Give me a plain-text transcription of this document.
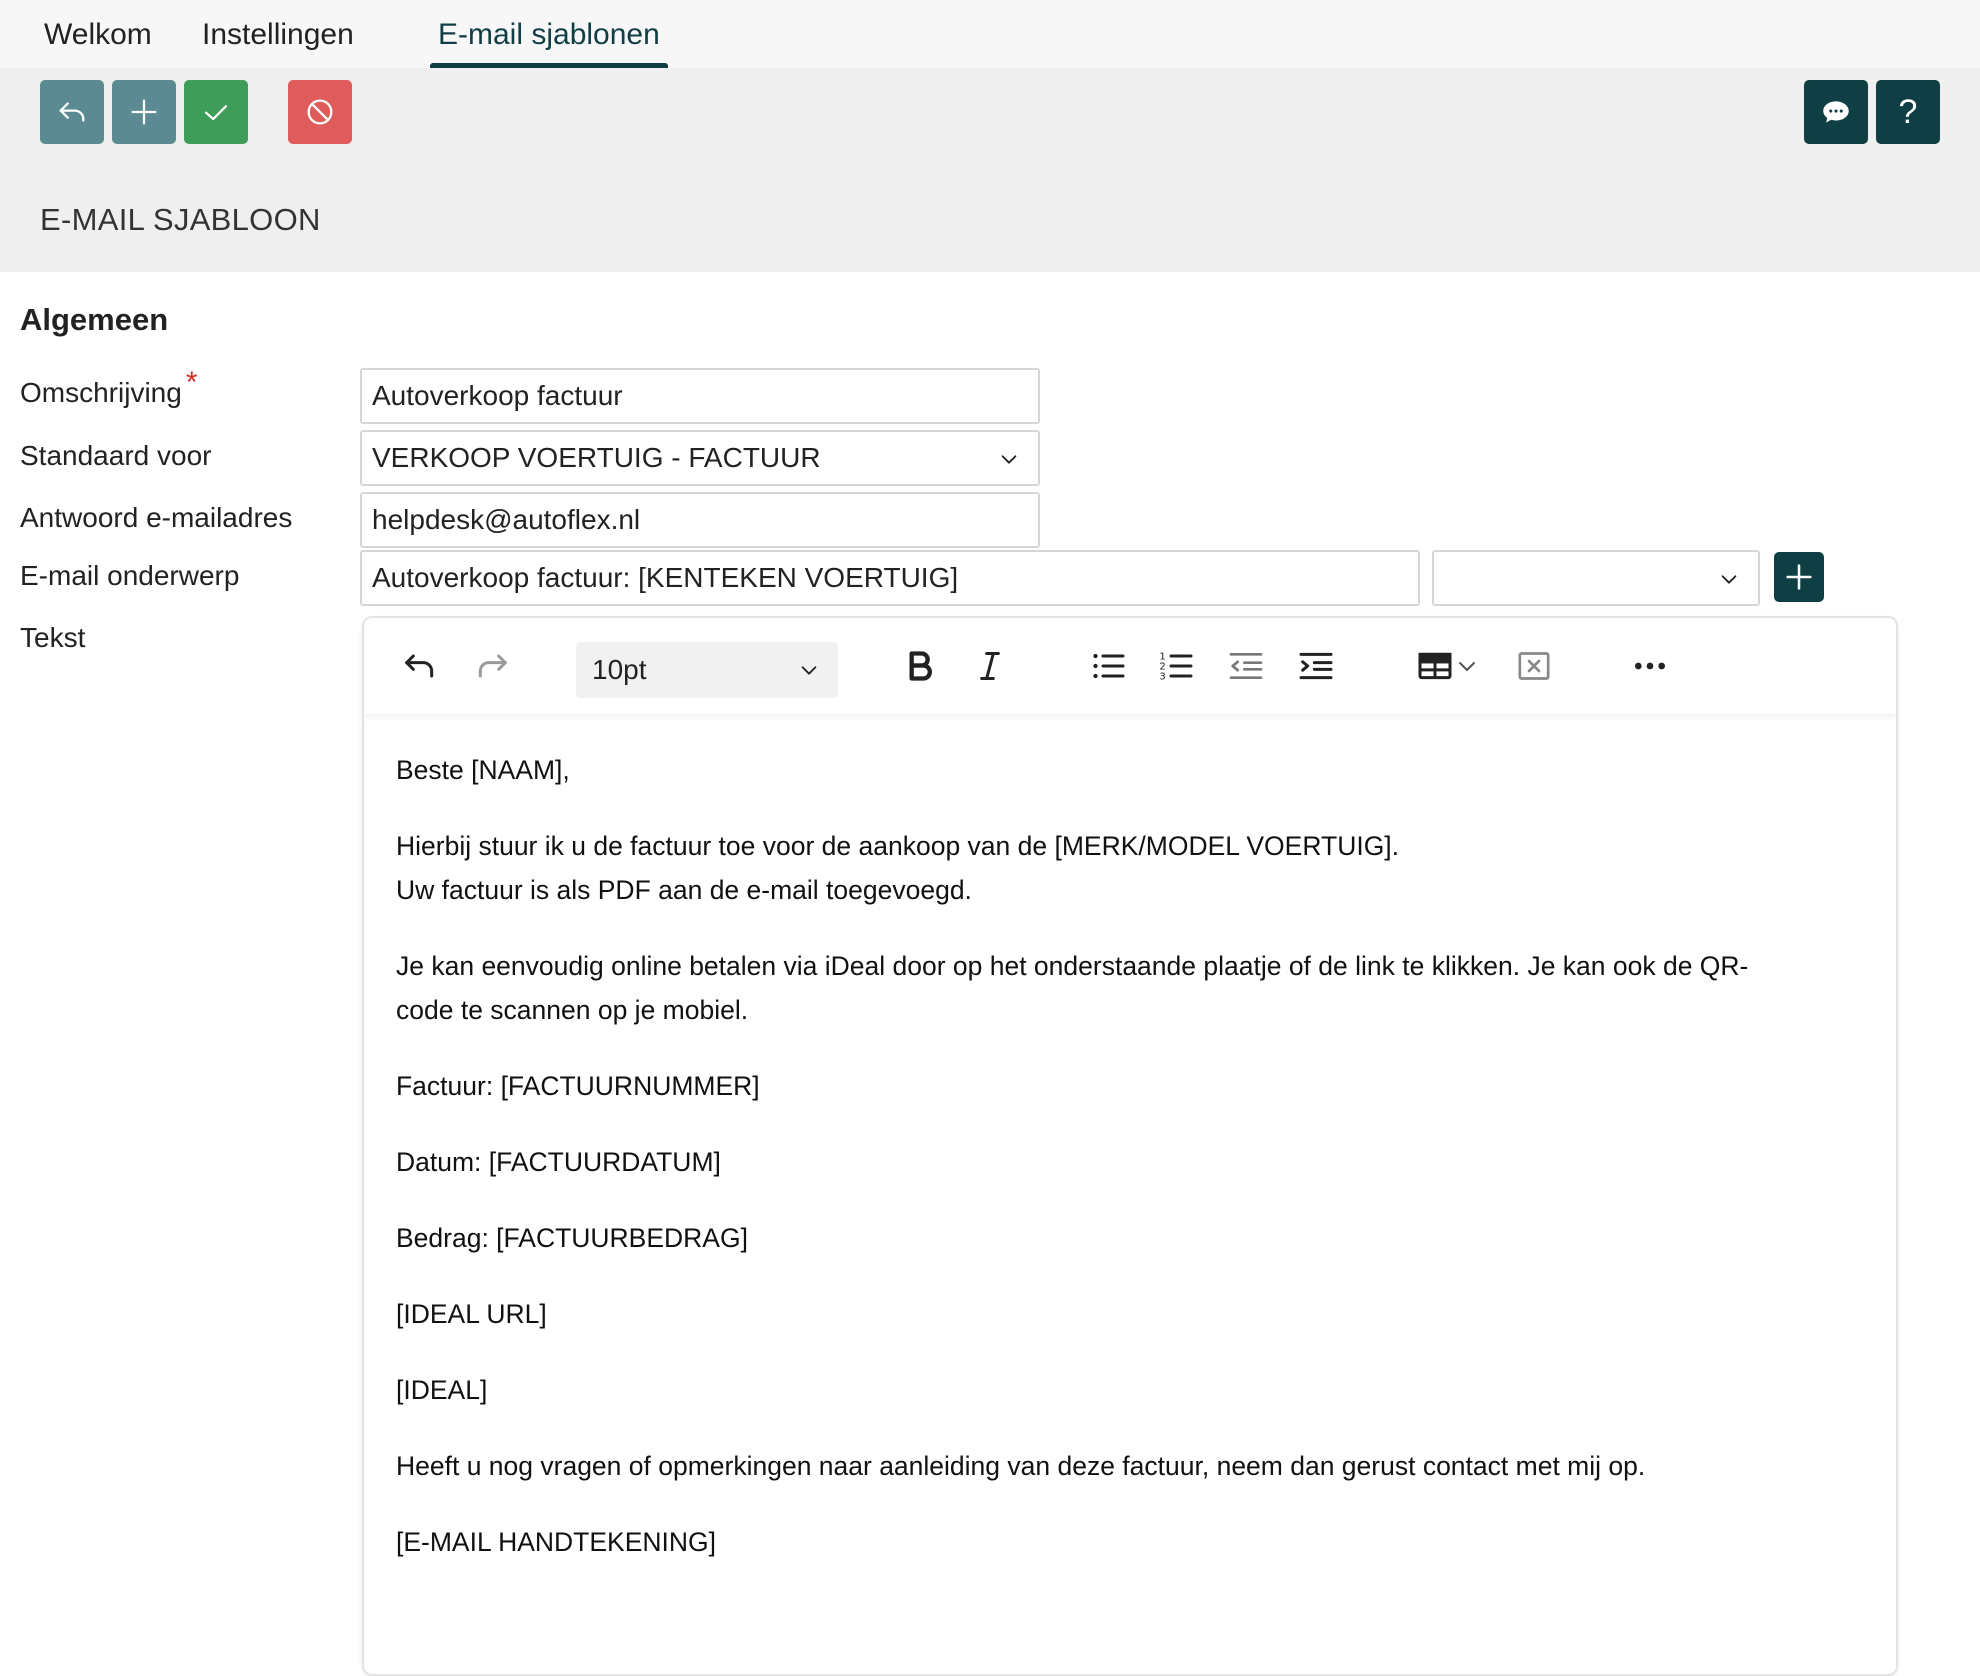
Welkom Instellingen	E-mail sjablonen
?
E-MAIL SJABLOON
Algemeen
Omschrijving *	Autoverkoop factuur
Standaard voor	VERKOOP VOERTUIG - FACTUUR
Antwoord e-mailadres	helpdesk@autoflex.nl
E-mail onderwerp	Autoverkoop factuur: [KENTEKEN VOERTUIG]
Tekst
10pt	1
2
3
Beste [NAAM],
Hierbij stuur ik u de factuur toe voor de aankoop van de [MERK/MODEL VOERTUIG].
Uw factuur is als PDF aan de e-mail toegevoegd.
Je kan eenvoudig online betalen via iDeal door op het onderstaande plaatje of de link te klikken. Je kan ook de QR-
code te scannen op je mobiel.
Factuur: [FACTUURNUMMER]
Datum: [FACTUURDATUM]
Bedrag: [FACTUURBEDRAG]
[IDEAL URL]
[IDEAL]
Heeft u nog vragen of opmerkingen naar aanleiding van deze factuur, neem dan gerust contact met mij op.
[E-MAIL HANDTEKENING]
